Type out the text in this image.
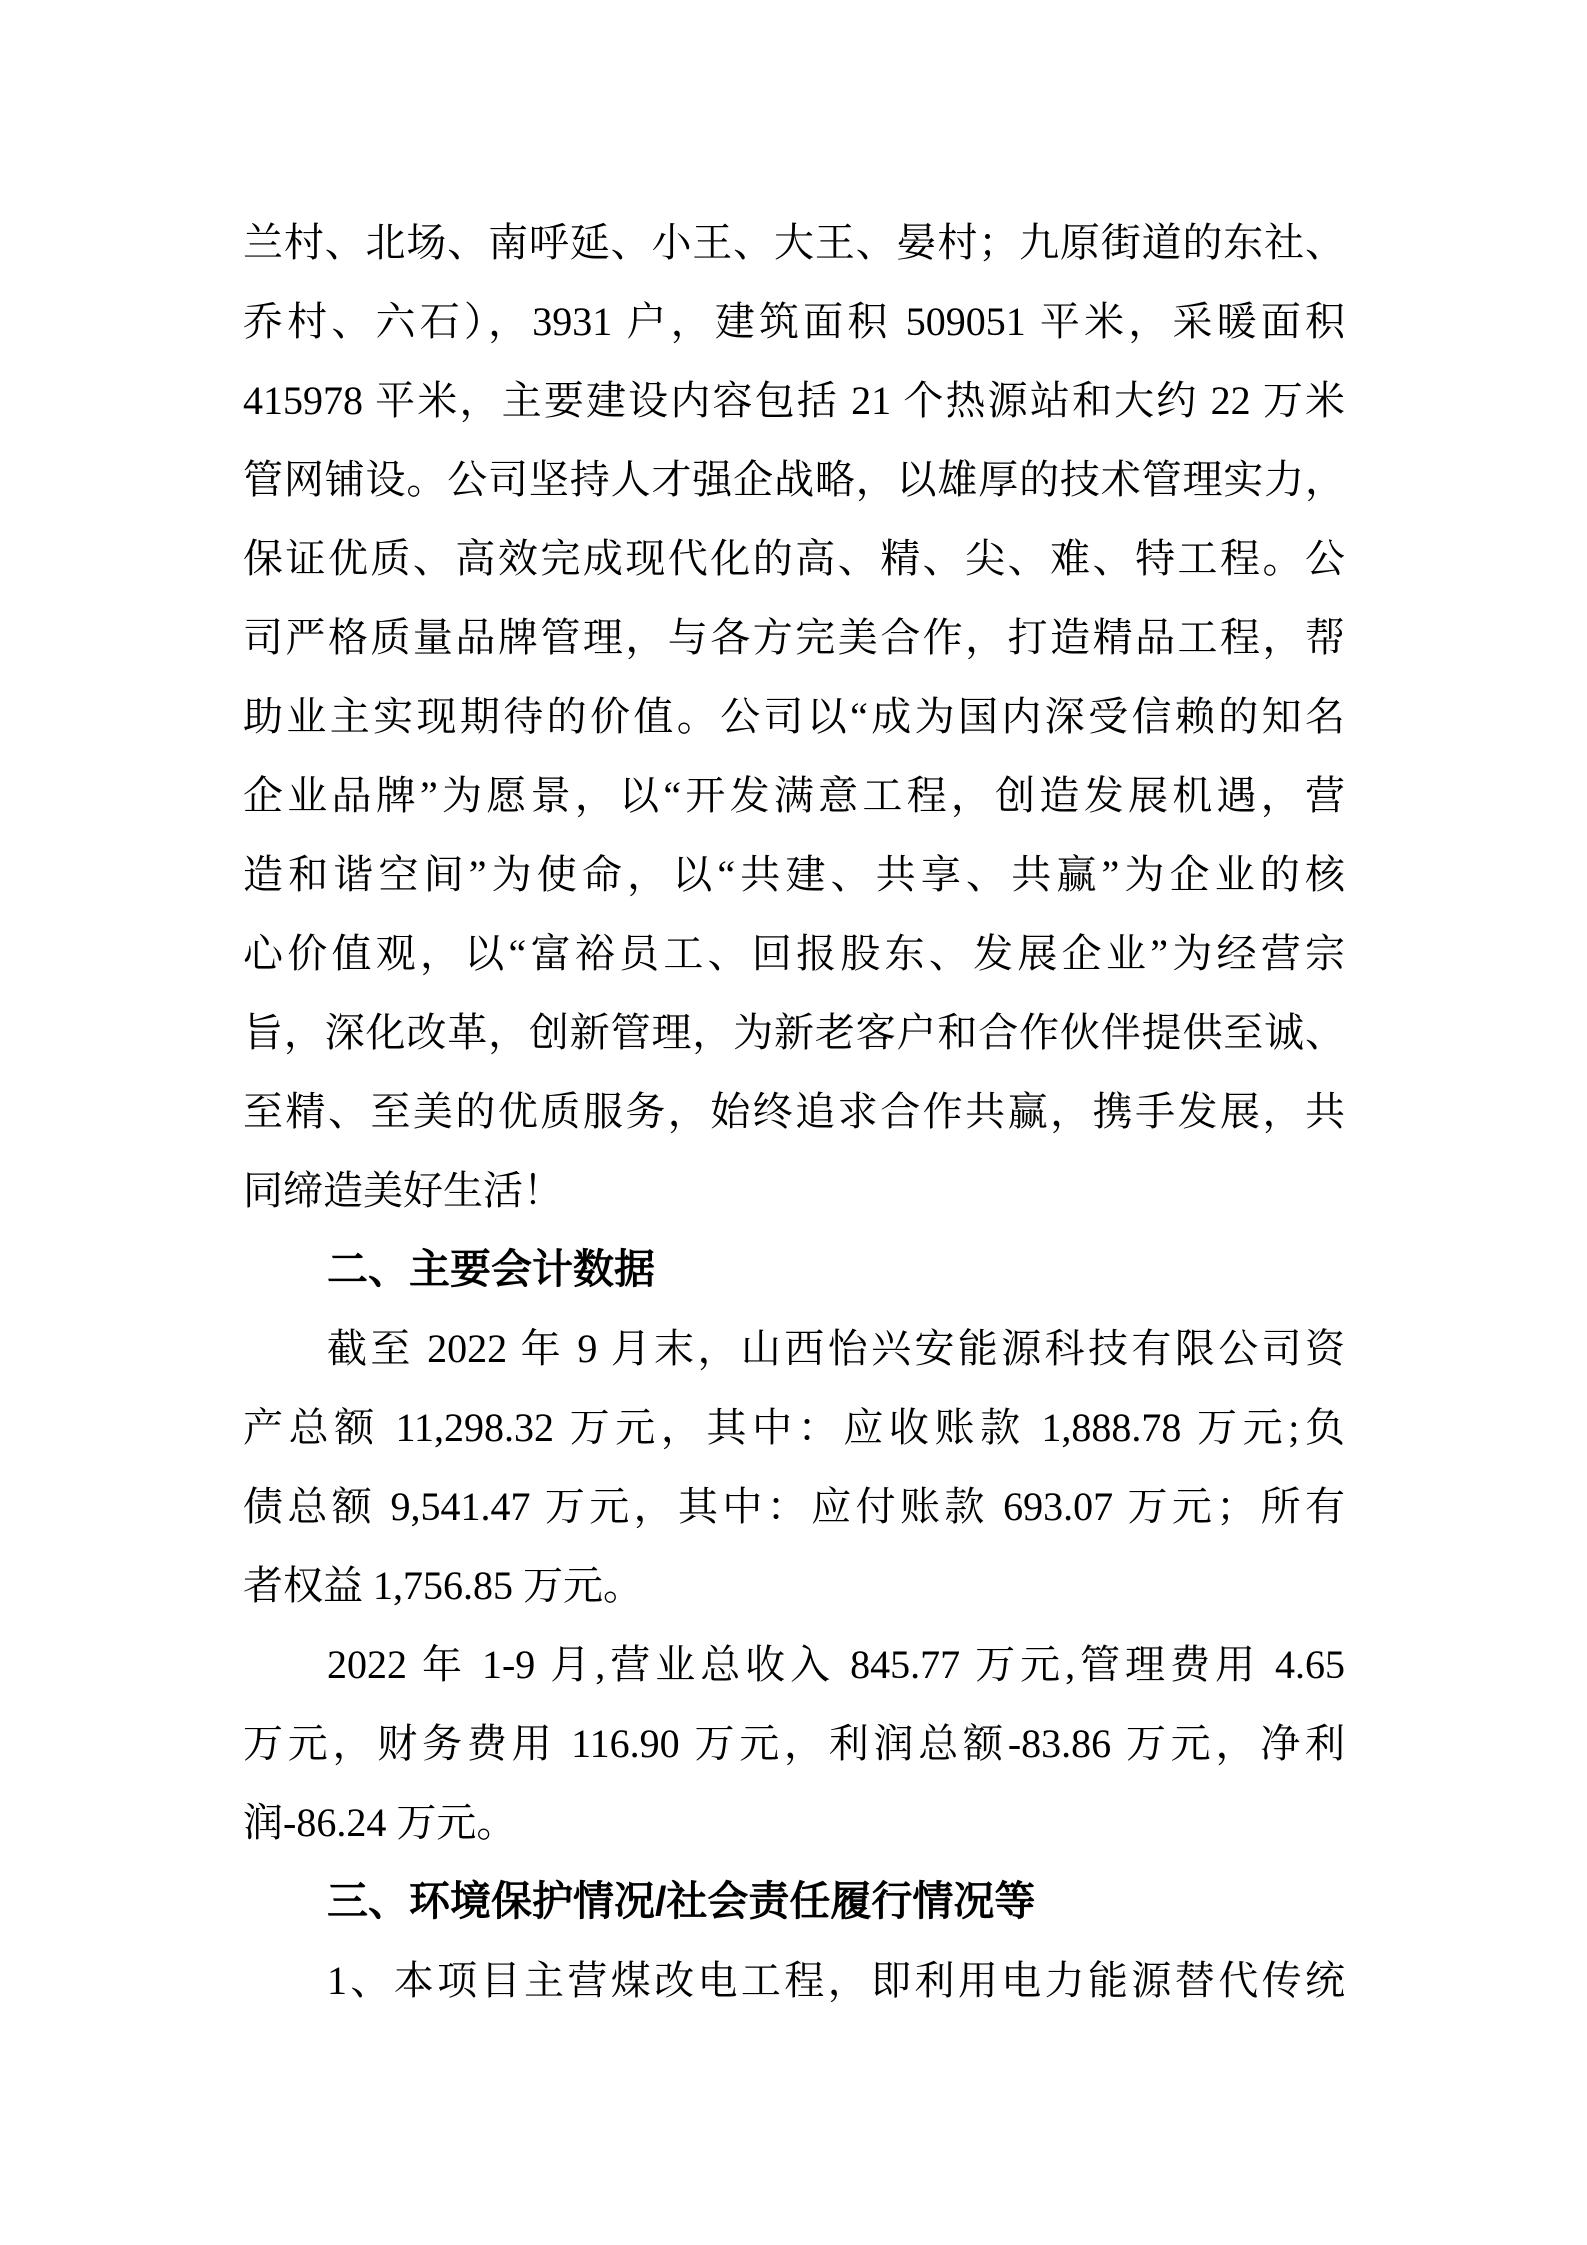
兰村、北场、南呼延、小王、大王、晏村；九原街道的东社、
乔村、六石），3931 户，建筑面积 509051 平米，采暖面积
415978 平米，主要建设内容包括 21 个热源站和大约 22 万米
管网铺设。公司坚持人才强企战略，以雄厚的技术管理实力，
保证优质、高效完成现代化的高、精、尖、难、特工程。公
司严格质量品牌管理，与各方完美合作，打造精品工程，帮
助业主实现期待的价值。公司以“成为国内深受信赖的知名
企业品牌”为愿景，以“开发满意工程，创造发展机遇，营
造和谐空间”为使命，以“共建、共享、共赢”为企业的核
心价值观，以“富裕员工、回报股东、发展企业”为经营宗
旨，深化改革，创新管理，为新老客户和合作伙伴提供至诚、
至精、至美的优质服务，始终追求合作共赢，携手发展，共
同缔造美好生活！
二、主要会计数据
截至 2022 年 9 月末，山西怡兴安能源科技有限公司资
产总额 11,298.32 万元，其中：应收账款 1,888.78 万元;负
债总额 9,541.47 万元，其中：应付账款 693.07 万元；所有
者权益 1,756.85 万元。
2022 年 1-9 月,营业总收入 845.77 万元,管理费用 4.65
万元，财务费用 116.90 万元，利润总额-83.86 万元，净利
润-86.24 万元。
三、环境保护情况/社会责任履行情况等
1、本项目主营煤改电工程，即利用电力能源替代传统
